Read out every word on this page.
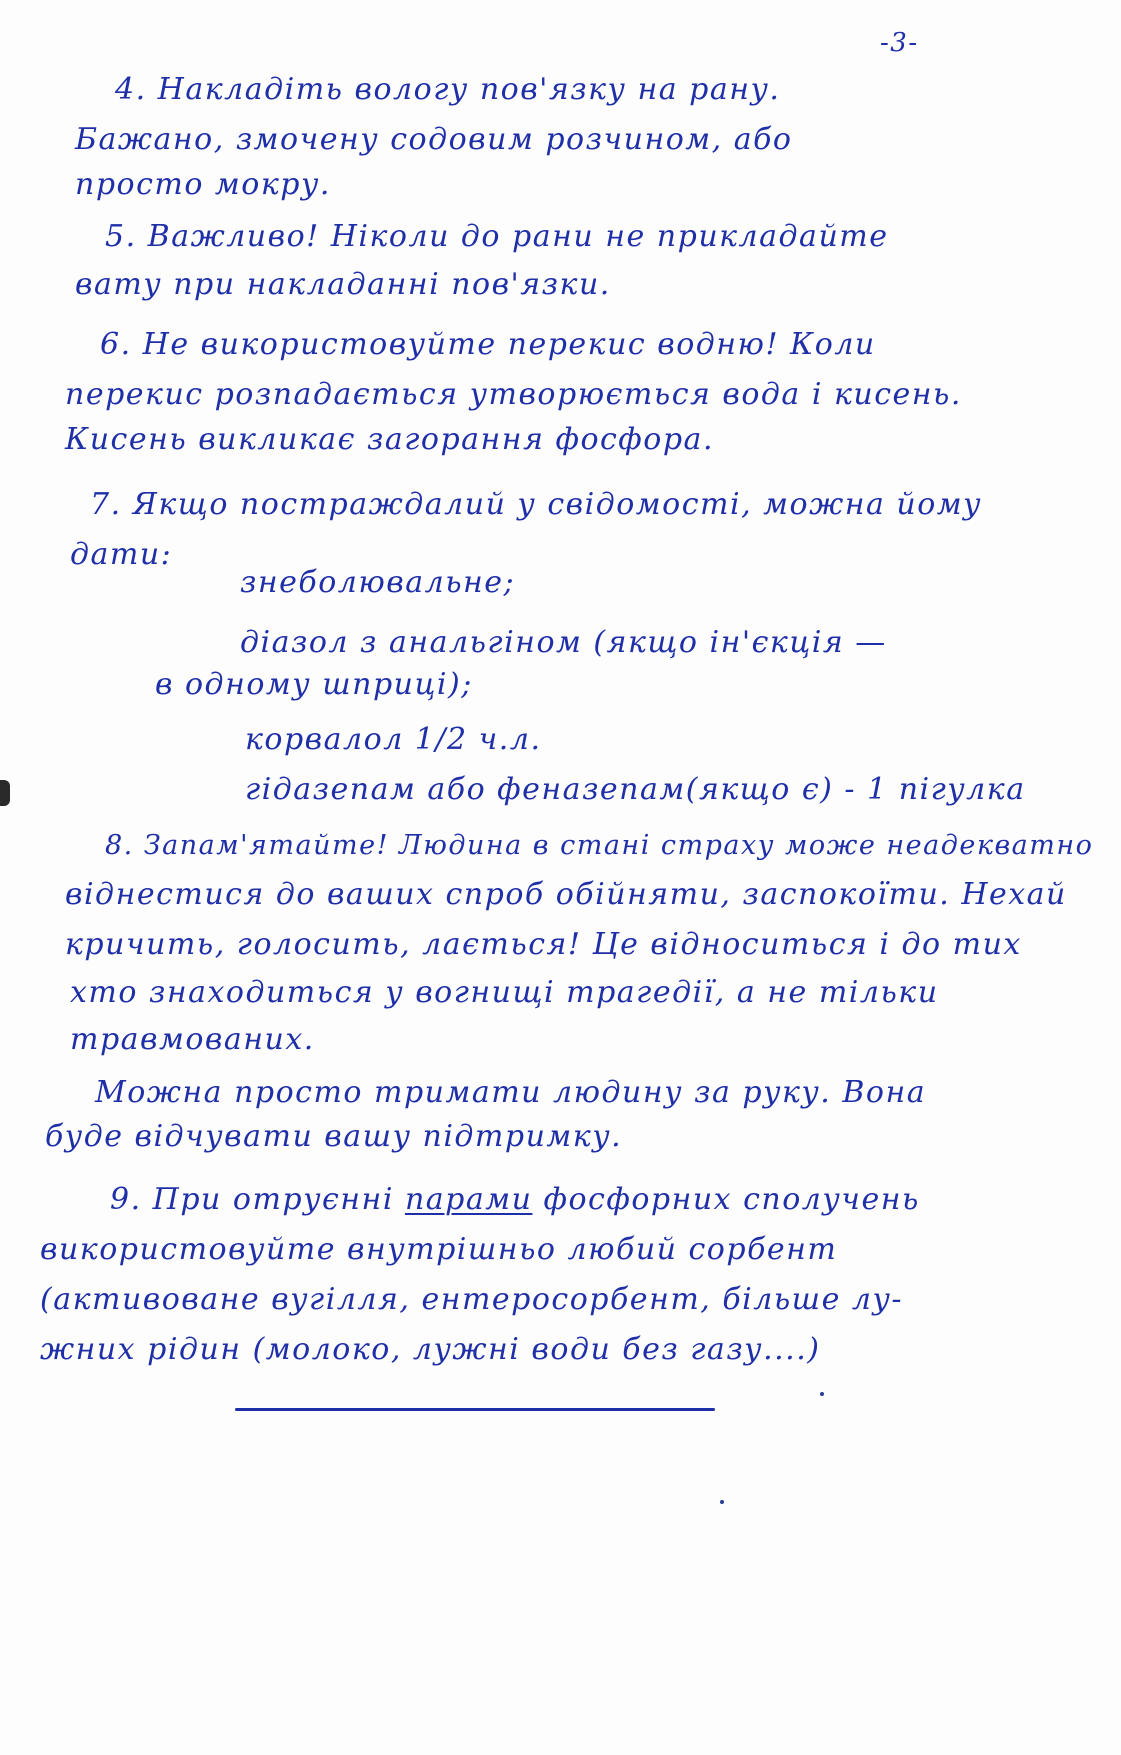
-3-
4. Накладіть вологу пов'язку на рану.
Бажано, змочену содовим розчином, або
просто мокру.
5. Важливо! Ніколи до рани не прикладайте
вату при накладанні пов'язки.
6. Не використовуйте перекис водню! Коли
перекис розпадається утворюється вода і кисень.
Кисень викликає загорання фосфора.
7. Якщо постраждалий у свідомості, можна йому
дати:
знеболювальне;
діазол з анальгіном (якщо ін'єкція —
в одному шприці);
корвалол 1/2 ч.л.
гідазепам або феназепам(якщо є) - 1 пігулка
8. Запам'ятайте! Людина в стані страху може неадекватно
віднестися до ваших спроб обійняти, заспокоїти. Нехай
кричить, голосить, лається! Це відноситься і до тих
хто знаходиться у вогнищі трагедії, а не тільки
травмованих.
Можна просто тримати людину за руку. Вона
буде відчувати вашу підтримку.
9. При отруєнні парами фосфорних сполучень
використовуйте внутрішньо любий сорбент
(активоване вугілля, ентеросорбент, більше лу-
жних рідин (молоко, лужні води без газу....)
